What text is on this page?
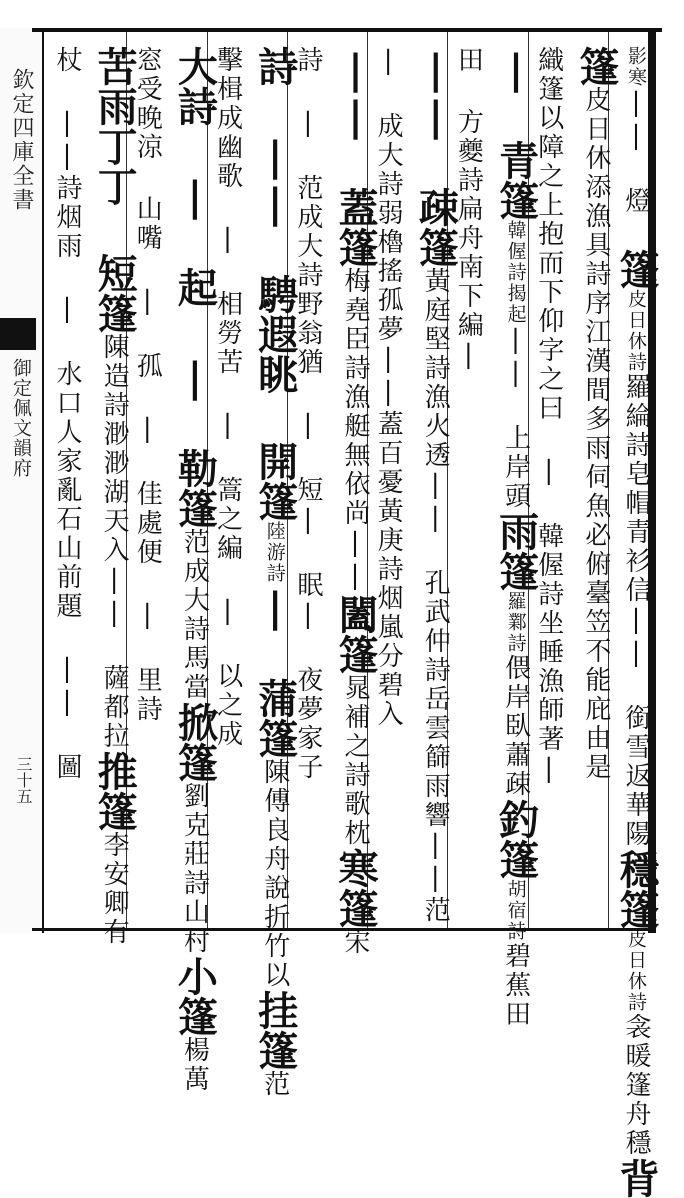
欽定四庫全書
御定佩文韻府
三十五
影寒|| 燈 篷皮日休詩羅綸詩皂帽青衫信|| 銜雪返華陽穩篷皮日休詩衾暖篷舟穩背
篷皮日休添漁具詩序江漢間多雨伺魚必俯臺笠不能庇由是
織篷以障之上抱而下仰字之曰 | 韓偓詩坐睡漁師著|
| 青篷韓偓詩揭起|| 上岸頭雨篷羅鄴詩偎岸臥蕭疎釣篷胡宿詩碧蕉田
田 方夔詩扁舟南下編|
|| 疎篷黃庭堅詩漁火透|| 孔武仲詩岳雲篩雨響||范
| 成大詩弱櫓搖孤夢||蓋百憂黃庚詩烟嵐分碧入
|| 蓋篷梅堯臣詩漁艇無依尚||闔篷晁補之詩歌枕寒篷宋
詩 | 范成大詩野翁猶 | 短| 眠| 夜夢家子
詩 || 騁遐眺 開篷陸游詩| 蒲篷陳傅良舟說折竹以挂篷范
擊楫成幽歌 | 相勞苦 | 篙之編 | 以之成
大詩 | 起 | 勒篷范成大詩馬當掀篷劉克莊詩山村小篷楊萬
窓受晚涼 山嘴 | 孤 | 佳處便 | 里詩
苦雨丁丁 短篷陳造詩渺渺湖天入|| 薩都拉推篷李安卿有
杖 ||詩烟雨 | 水口人家亂石山前題 || 圖
